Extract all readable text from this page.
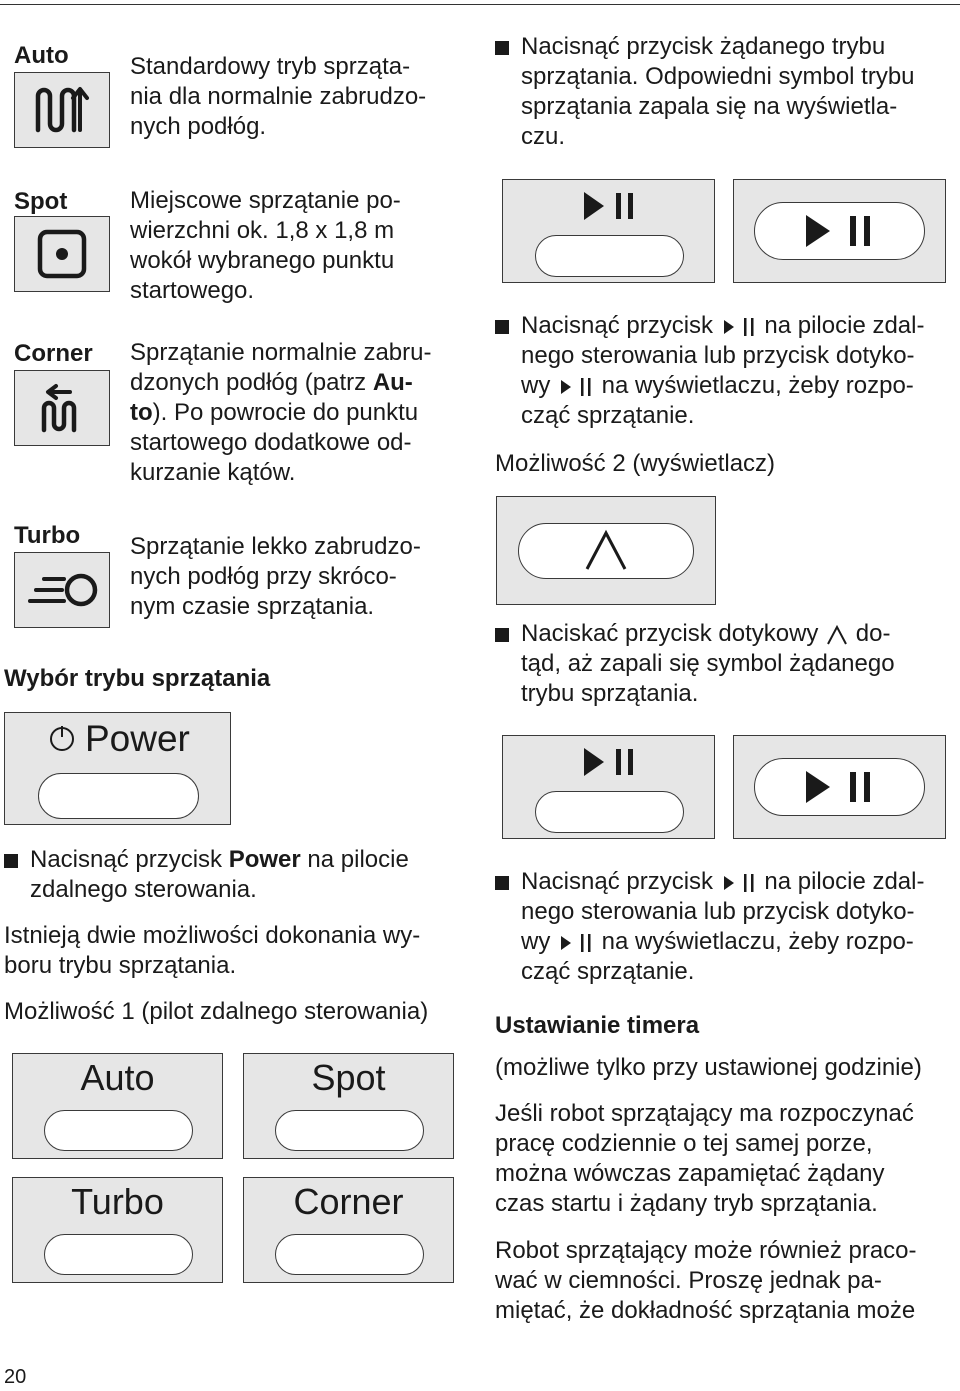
Auto	Standardowy tryb sprząta-
nia dla normalnie zabrudzo-
nych podłóg.
Spot	Miejscowe sprzątanie po-
wierzchni ok. 1,8 x 1,8 m
wokół wybranego punktu
startowego.
Corner Sprzątanie normalnie zabru-
dzonych podłóg (patrz Au-
to). Po powrocie do punktu
startowego dodatkowe od-
kurzanie kątów.
Turbo Sprzątanie lekko zabrudzo-
nych podłóg przy skróco-
nym czasie sprzątania.
Wybór trybu sprzątania
Power
Nacisnąć przycisk Power na pilocie
zdalnego sterowania.
Istnieją dwie możliwości dokonania wy-
boru trybu sprzątania.
Możliwość 1 (pilot zdalnego sterowania)
Auto	Spot
Turbo	Corner
20
Nacisnąć przycisk żądanego trybu
sprzątania. Odpowiedni symbol trybu
sprzątania zapala się na wyświetla-
czu.
Nacisnąć przycisk  na pilocie zdal-
nego sterowania lub przycisk dotyko-
wy  na wyświetlaczu, żeby rozpo-
cząć sprzątanie.
Możliwość 2 (wyświetlacz)
Naciskać przycisk dotykowy  do-
tąd, aż zapali się symbol żądanego
trybu sprzątania.
Nacisnąć przycisk  na pilocie zdal-
nego sterowania lub przycisk dotyko-
wy  na wyświetlaczu, żeby rozpo-
cząć sprzątanie.
Ustawianie timera
(możliwe tylko przy ustawionej godzinie)
Jeśli robot sprzątający ma rozpoczynać
pracę codziennie o tej samej porze,
można wówczas zapamiętać żądany
czas startu i żądany tryb sprzątania.
Robot sprzątający może również praco-
wać w ciemności. Proszę jednak pa-
miętać, że dokładność sprzątania może
